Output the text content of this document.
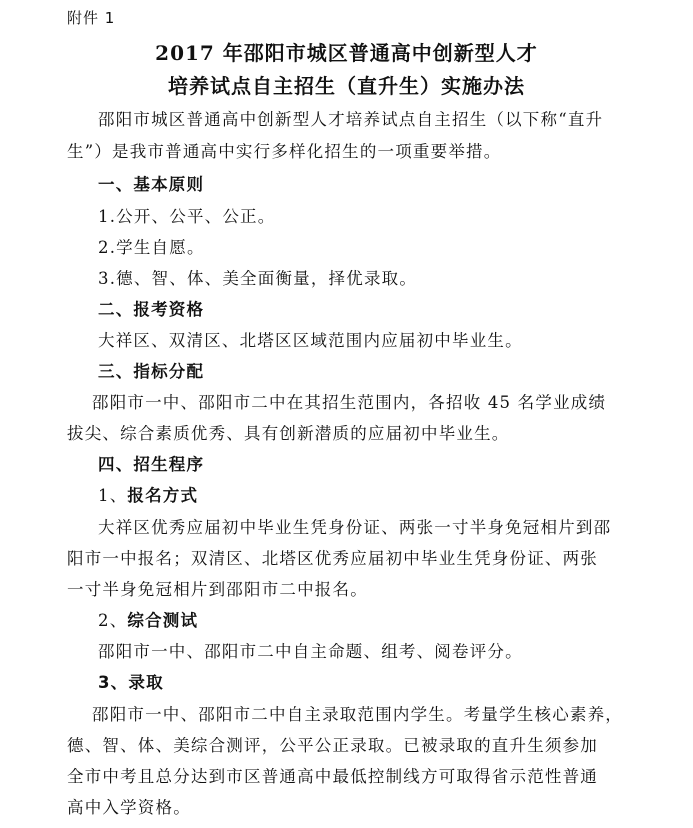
附件 1
2017 年邵阳市城区普通高中创新型人才
培养试点自主招生（直升生）实施办法
邵阳市城区普通高中创新型人才培养试点自主招生（以下称“直升
生”）是我市普通高中实行多样化招生的一项重要举措。
一、基本原则
1.公开、公平、公正。
2.学生自愿。
3.德、智、体、美全面衡量，择优录取。
二、报考资格
大祥区、双清区、北塔区区域范围内应届初中毕业生。
三、指标分配
邵阳市一中、邵阳市二中在其招生范围内，各招收 45 名学业成绩
拔尖、综合素质优秀、具有创新潜质的应届初中毕业生。
四、招生程序
1、报名方式
大祥区优秀应届初中毕业生凭身份证、两张一寸半身免冠相片到邵
阳市一中报名；双清区、北塔区优秀应届初中毕业生凭身份证、两张
一寸半身免冠相片到邵阳市二中报名。
2、综合测试
邵阳市一中、邵阳市二中自主命题、组考、阅卷评分。
3、录取
邵阳市一中、邵阳市二中自主录取范围内学生。考量学生核心素养，
德、智、体、美综合测评，公平公正录取。已被录取的直升生须参加
全市中考且总分达到市区普通高中最低控制线方可取得省示范性普通
高中入学资格。
